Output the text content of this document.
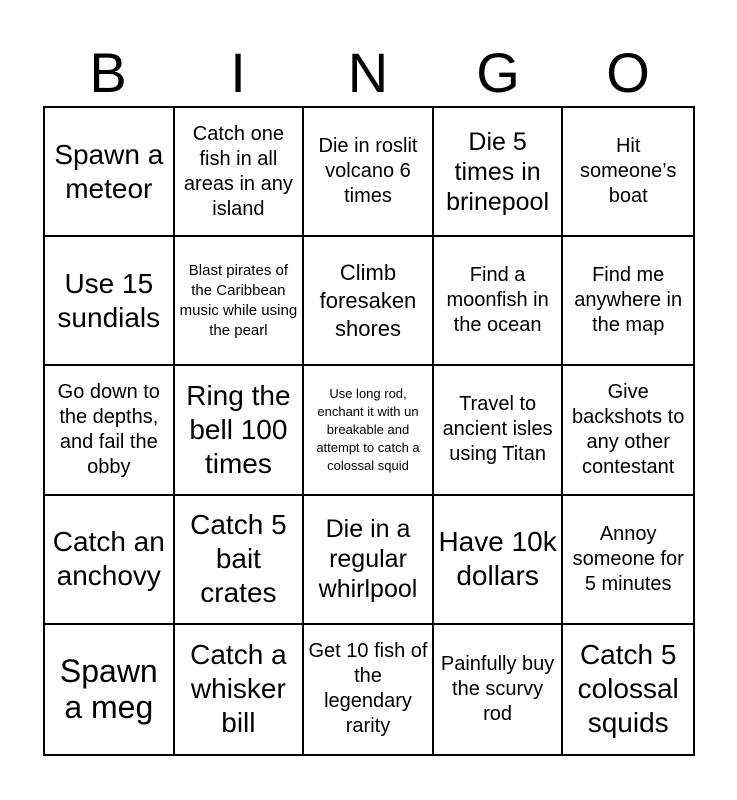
B	I	N	G	O
Spawn a meteor
Catch one fish in all areas in any island
Die in roslit volcano 6 times
Die 5 times in brinepool
Hit someone’s boat
Use 15 sundials
Blast pirates of the Caribbean music while using the pearl
Climb foresaken shores
Find a moonfish in the ocean
Find me anywhere in the map
Go down to the depths, and fail the obby
Ring the bell 100 times
Use long rod, enchant it with un breakable and attempt to catch a colossal squid
Travel to ancient isles using Titan
Give backshots to any other contestant
Catch an anchovy
Catch 5 bait crates
Die in a regular whirlpool
Have 10k dollars
Annoy someone for 5 minutes
Spawn a meg
Catch a whisker bill
Get 10 fish of the legendary rarity
Painfully buy the scurvy rod
Catch 5 colossal squids
